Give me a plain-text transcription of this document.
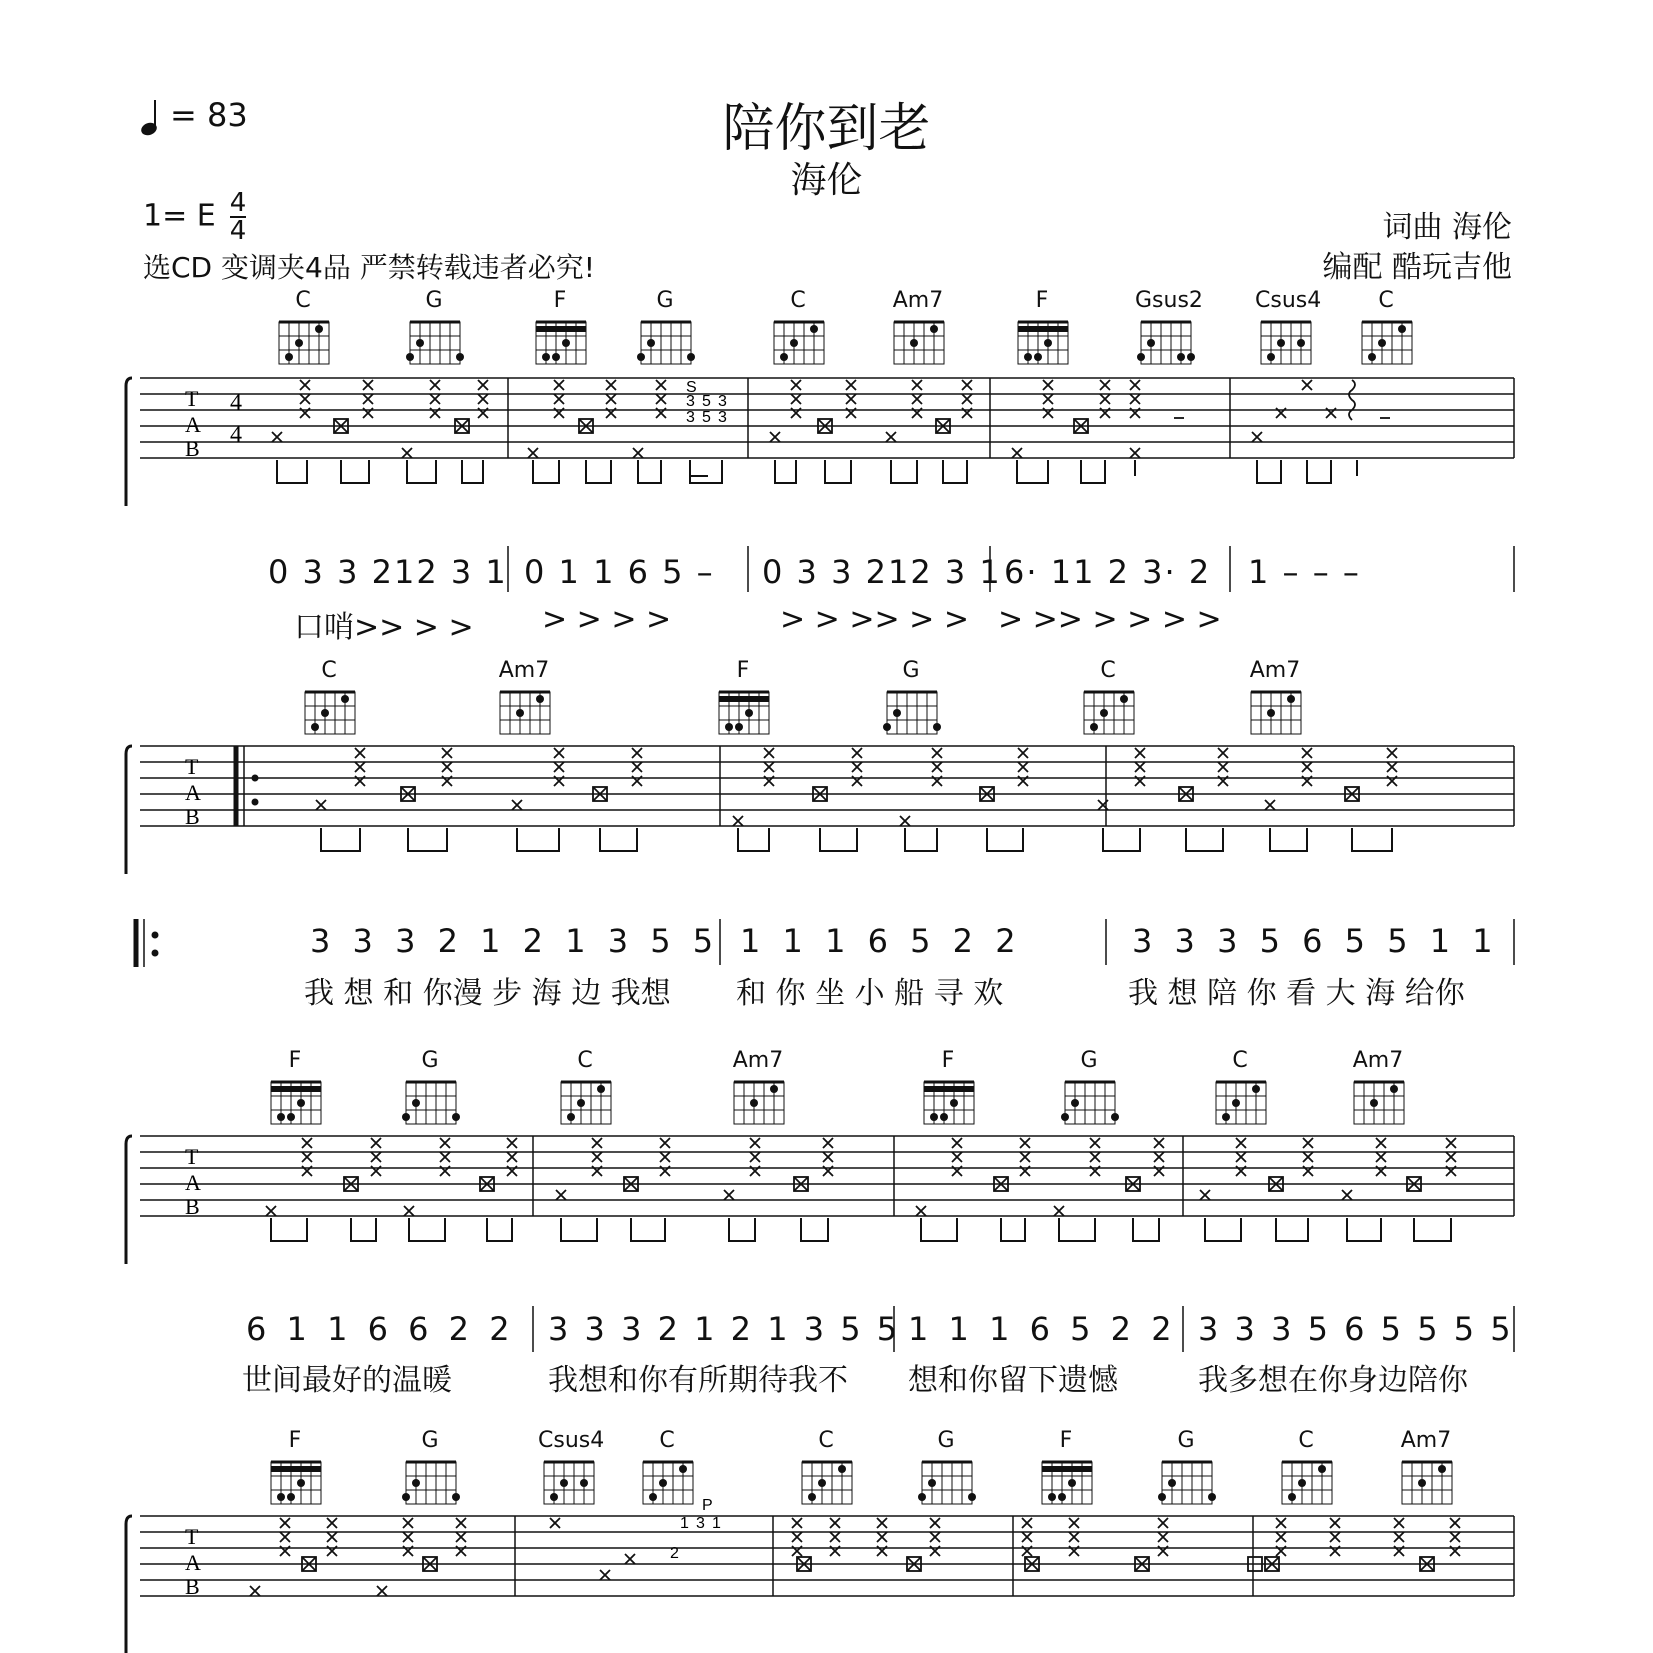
= 83	陪你到老
海伦
1= E $\frac{4}{4}$
选CD 变调夹4品 严禁转载违者必究!
词曲 海伦
编配 酷玩吉他
C	G	F	G	C	Am7	F	Gsus2 Csus4	C
T
A
B
4
4
S
3 5 3
3 5 3
0 3 3 212 3 1 0 1 1 6 5 – 0 3 3 212 3 1 6· 11 2 3· 2 1 – – –
口哨>> > > > > > >	> > >> > > > >> > > > >
C	Am7	F	G	C	Am7
T
A
B
3 3 3 2 1 2 1 3 5 5 1 1 1 6 5 2 2	3 3 3 5 6 5 5 1 1
我 想 和 你漫 步 海 边 我想 和 你 坐 小 船 寻 欢	我 想 陪 你 看 大 海 给你
F	G	C	Am7	F	G	C	Am7
T
A
B
6 1 1 6 6 2 2 3 3 3 2 1 2 1 3 5 5 1 1 1 6 5 2 2 3 3 3 5 6 5 5 5 5
世间最好的温暖	我想和你有所期待我不 想和你留下遗憾	我多想在你身边陪你
F	G	Csus4	C	C	G	F	G	C	Am7
T
A
B
P
2
1 3 1
